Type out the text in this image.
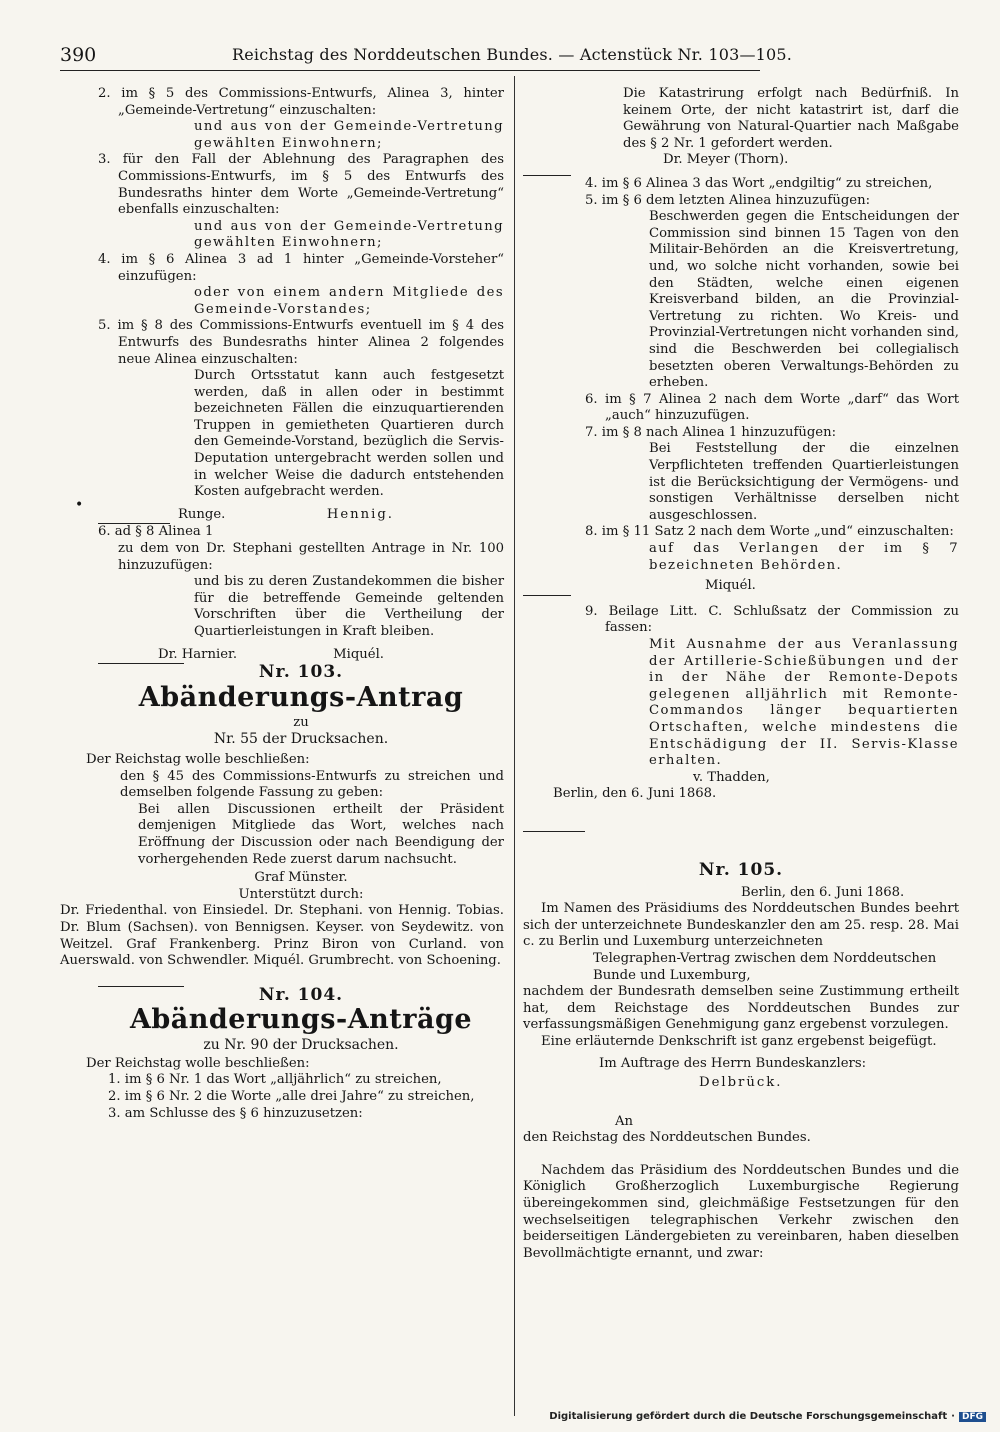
390	Reichstag des Norddeutschen Bundes. — Actenstück Nr. 103—105.
•
2. im § 5 des Commissions-Entwurfs, Alinea 3, hinter „Gemeinde-Vertretung“ einzuschalten:
und aus von der Gemeinde-Vertretung gewählten Einwohnern;
3. für den Fall der Ablehnung des Paragraphen des Commissions-Entwurfs, im § 5 des Entwurfs des Bundesraths hinter dem Worte „Gemeinde-Vertretung“ ebenfalls einzuschalten:
und aus von der Gemeinde-Vertretung gewählten Einwohnern;
4. im § 6 Alinea 3 ad 1 hinter „Gemeinde-Vorsteher“ einzufügen:
oder von einem andern Mitgliede des Gemeinde-Vorstandes;
5. im § 8 des Commissions-Entwurfs eventuell im § 4 des Entwurfs des Bundesraths hinter Alinea 2 folgendes neue Alinea einzuschalten:
Durch Ortsstatut kann auch festgesetzt werden, daß in allen oder in bestimmt bezeichneten Fällen die einzuquartierenden Truppen in gemietheten Quartieren durch den Gemeinde-Vorstand, bezüglich die Servis-Deputation untergebracht werden sollen und in welcher Weise die dadurch entstehenden Kosten aufgebracht werden.
Runge.	Hennig.
6. ad § 8 Alinea 1
zu dem von Dr. Stephani gestellten Antrage in Nr. 100 hinzuzufügen:
und bis zu deren Zustandekommen die bisher für die betreffende Gemeinde geltenden Vorschriften über die Vertheilung der Quartierleistungen in Kraft bleiben.
Dr. Harnier.	Miquél.
Nr. 103.
Abänderungs-Antrag
zu
Nr. 55 der Drucksachen.
Der Reichstag wolle beschließen:
den § 45 des Commissions-Entwurfs zu streichen und demselben folgende Fassung zu geben:
Bei allen Discussionen ertheilt der Präsident demjenigen Mitgliede das Wort, welches nach Eröffnung der Discussion oder nach Beendigung der vorhergehenden Rede zuerst darum nachsucht.
Graf Münster.
Unterstützt durch:
Dr. Friedenthal. von Einsiedel. Dr. Stephani. von Hennig. Tobias. Dr. Blum (Sachsen). von Bennigsen. Keyser. von Seydewitz. von Weitzel. Graf Frankenberg. Prinz Biron von Curland. von Auerswald. von Schwendler. Miquél. Grumbrecht. von Schoening.
Nr. 104.
Abänderungs-Anträge
zu Nr. 90 der Drucksachen.
Der Reichstag wolle beschließen:
1. im § 6 Nr. 1 das Wort „alljährlich“ zu streichen,
2. im § 6 Nr. 2 die Worte „alle drei Jahre“ zu streichen,
3. am Schlusse des § 6 hinzuzusetzen:
Die Katastrirung erfolgt nach Bedürfniß. In keinem Orte, der nicht katastrirt ist, darf die Gewährung von Natural-Quartier nach Maßgabe des § 2 Nr. 1 gefordert werden.
Dr. Meyer (Thorn).
4. im § 6 Alinea 3 das Wort „endgiltig“ zu streichen,
5. im § 6 dem letzten Alinea hinzuzufügen:
Beschwerden gegen die Entscheidungen der Commission sind binnen 15 Tagen von den Militair-Behörden an die Kreisvertretung, und, wo solche nicht vorhanden, sowie bei den Städten, welche einen eigenen Kreisverband bilden, an die Provinzial-Vertretung zu richten. Wo Kreis- und Provinzial-Vertretungen nicht vorhanden sind, sind die Beschwerden bei collegialisch besetzten oberen Verwaltungs-Behörden zu erheben.
6. im § 7 Alinea 2 nach dem Worte „darf“ das Wort „auch“ hinzuzufügen.
7. im § 8 nach Alinea 1 hinzuzufügen:
Bei Feststellung der die einzelnen Verpflichteten treffenden Quartierleistungen ist die Berücksichtigung der Vermögens- und sonstigen Verhältnisse derselben nicht ausgeschlossen.
8. im § 11 Satz 2 nach dem Worte „und“ einzuschalten:
auf das Verlangen der im § 7 bezeichneten Behörden.
Miquél.
9. Beilage Litt. C. Schlußsatz der Commission zu fassen:
Mit Ausnahme der aus Veranlassung der Artillerie-Schießübungen und der in der Nähe der Remonte-Depots gelegenen alljährlich mit Remonte-Commandos länger bequartierten Ortschaften, welche mindestens die Entschädigung der II. Servis-Klasse erhalten.
v. Thadden,
Berlin, den 6. Juni 1868.
Nr. 105.
Berlin, den 6. Juni 1868.
Im Namen des Präsidiums des Norddeutschen Bundes beehrt sich der unterzeichnete Bundeskanzler den am 25. resp. 28. Mai c. zu Berlin und Luxemburg unterzeichneten
Telegraphen-Vertrag zwischen dem Norddeutschen Bunde und Luxemburg,
nachdem der Bundesrath demselben seine Zustimmung ertheilt hat, dem Reichstage des Norddeutschen Bundes zur verfassungsmäßigen Genehmigung ganz ergebenst vorzulegen.
Eine erläuternde Denkschrift ist ganz ergebenst beigefügt.
Im Auftrage des Herrn Bundeskanzlers:
Delbrück.
An
den Reichstag des Norddeutschen Bundes.
Nachdem das Präsidium des Norddeutschen Bundes und die Königlich Großherzoglich Luxemburgische Regierung übereingekommen sind, gleichmäßige Festsetzungen für den wechselseitigen telegraphischen Verkehr zwischen den beiderseitigen Ländergebieten zu vereinbaren, haben dieselben Bevollmächtigte ernannt, und zwar:
Digitalisierung gefördert durch die Deutsche Forschungsgemeinschaft · DFG
